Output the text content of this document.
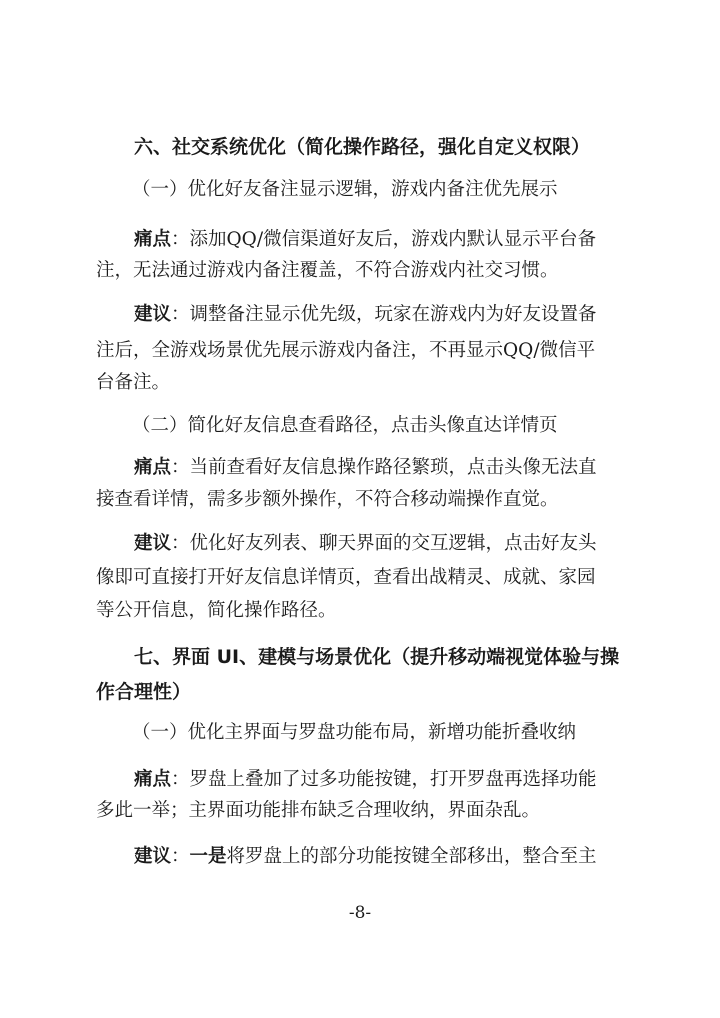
六、社交系统优化（简化操作路径，强化自定义权限）
（一）优化好友备注显示逻辑，游戏内备注优先展示
痛点：添加QQ/微信渠道好友后，游戏内默认显示平台备
注，无法通过游戏内备注覆盖，不符合游戏内社交习惯。
建议：调整备注显示优先级，玩家在游戏内为好友设置备
注后，全游戏场景优先展示游戏内备注，不再显示QQ/微信平
台备注。
（二）简化好友信息查看路径，点击头像直达详情页
痛点：当前查看好友信息操作路径繁琐，点击头像无法直
接查看详情，需多步额外操作，不符合移动端操作直觉。
建议：优化好友列表、聊天界面的交互逻辑，点击好友头
像即可直接打开好友信息详情页，查看出战精灵、成就、家园
等公开信息，简化操作路径。
七、界面 UI、建模与场景优化（提升移动端视觉体验与操
作合理性）
（一）优化主界面与罗盘功能布局，新增功能折叠收纳
痛点：罗盘上叠加了过多功能按键，打开罗盘再选择功能
多此一举；主界面功能排布缺乏合理收纳，界面杂乱。
建议：一是将罗盘上的部分功能按键全部移出，整合至主
-8-
